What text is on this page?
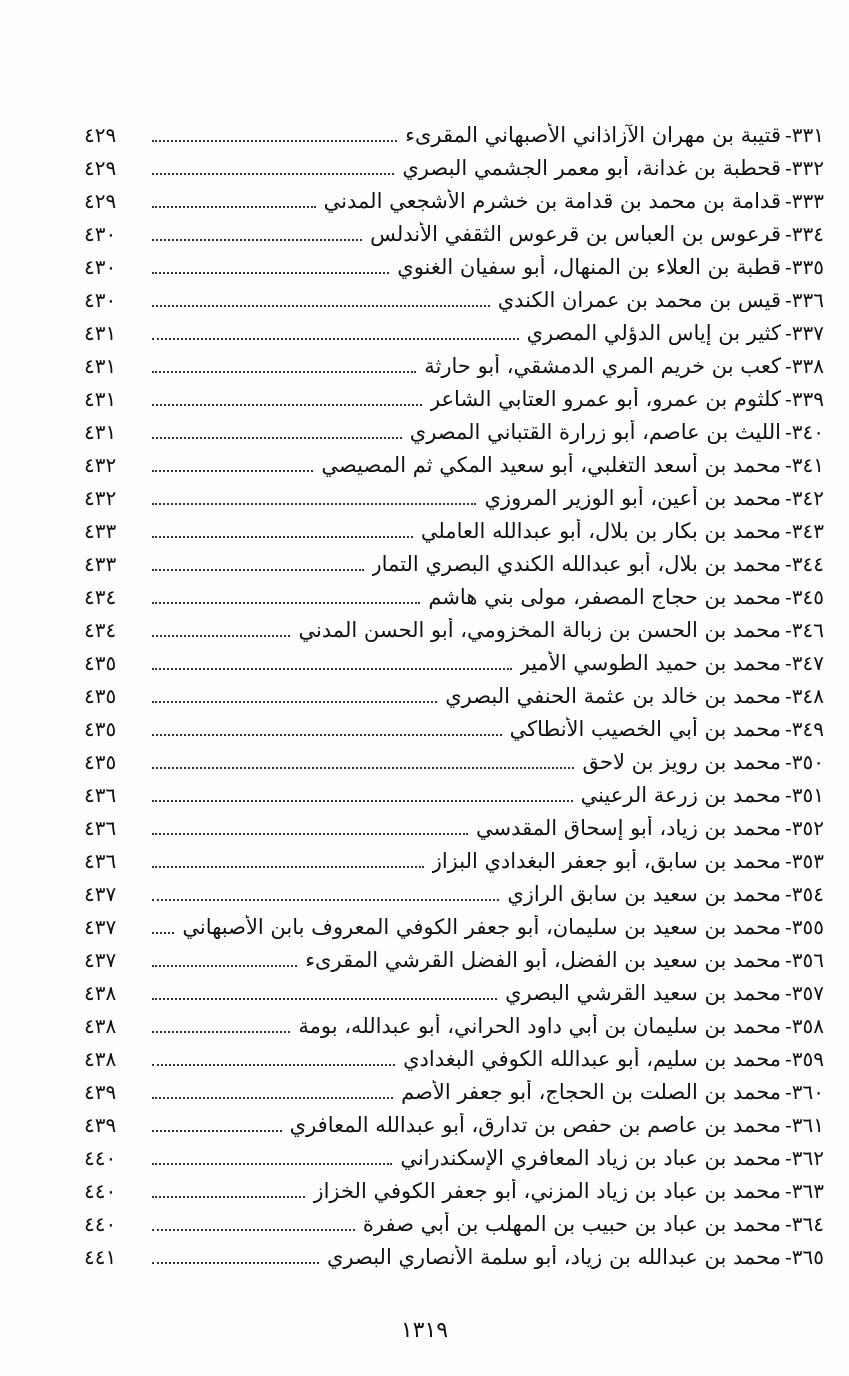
٣٣١
-
قتيبة بن مهران الآزاذاني الأصبهاني المقرىء
٤٢٩
٣٣٢
-
قحطبة بن غدانة، أبو معمر الجشمي البصري
٤٢٩
٣٣٣
-
قدامة بن محمد بن قدامة بن خشرم الأشجعي المدني
٤٢٩
٣٣٤
-
قرعوس بن العباس بن قرعوس الثقفي الأندلس
٤٣٠
٣٣٥
-
قطبة بن العلاء بن المنهال، أبو سفيان الغنوي
٤٣٠
٣٣٦
-
قيس بن محمد بن عمران الكندي
٤٣٠
٣٣٧
-
كثير بن إياس الدؤلي المصري
٤٣١
٣٣٨
-
كعب بن خريم المري الدمشقي، أبو حارثة
٤٣١
٣٣٩
-
كلثوم بن عمرو، أبو عمرو العتابي الشاعر
٤٣١
٣٤٠
-
الليث بن عاصم، أبو زرارة القتباني المصري
٤٣١
٣٤١
-
محمد بن أسعد التغلبي، أبو سعيد المكي ثم المصيصي
٤٣٢
٣٤٢
-
محمد بن أعين، أبو الوزير المروزي
٤٣٢
٣٤٣
-
محمد بن بكار بن بلال، أبو عبدالله العاملي
٤٣٣
٣٤٤
-
محمد بن بلال، أبو عبدالله الكندي البصري التمار
٤٣٣
٣٤٥
-
محمد بن حجاج المصفر، مولى بني هاشم
٤٣٤
٣٤٦
-
محمد بن الحسن بن زبالة المخزومي، أبو الحسن المدني
٤٣٤
٣٤٧
-
محمد بن حميد الطوسي الأمير
٤٣٥
٣٤٨
-
محمد بن خالد بن عثمة الحنفي البصري
٤٣٥
٣٤٩
-
محمد بن أبي الخصيب الأنطاكي
٤٣٥
٣٥٠
-
محمد بن رويز بن لاحق
٤٣٥
٣٥١
-
محمد بن زرعة الرعيني
٤٣٦
٣٥٢
-
محمد بن زياد، أبو إسحاق المقدسي
٤٣٦
٣٥٣
-
محمد بن سابق، أبو جعفر البغدادي البزاز
٤٣٦
٣٥٤
-
محمد بن سعيد بن سابق الرازي
٤٣٧
٣٥٥
-
محمد بن سعيد بن سليمان، أبو جعفر الكوفي المعروف بابن الأصبهاني
٤٣٧
٣٥٦
-
محمد بن سعيد بن الفضل، أبو الفضل القرشي المقرىء
٤٣٧
٣٥٧
-
محمد بن سعيد القرشي البصري
٤٣٨
٣٥٨
-
محمد بن سليمان بن أبي داود الحراني، أبو عبدالله، بومة
٤٣٨
٣٥٩
-
محمد بن سليم، أبو عبدالله الكوفي البغدادي
٤٣٨
٣٦٠
-
محمد بن الصلت بن الحجاج، أبو جعفر الأصم
٤٣٩
٣٦١
-
محمد بن عاصم بن حفص بن تدارق، أبو عبدالله المعافري
٤٣٩
٣٦٢
-
محمد بن عباد بن زياد المعافري الإسكندراني
٤٤٠
٣٦٣
-
محمد بن عباد بن زياد المزني، أبو جعفر الكوفي الخزاز
٤٤٠
٣٦٤
-
محمد بن عباد بن حبيب بن المهلب بن أبي صفرة
٤٤٠
٣٦٥
-
محمد بن عبدالله بن زياد، أبو سلمة الأنصاري البصري
٤٤١
١٣١٩
